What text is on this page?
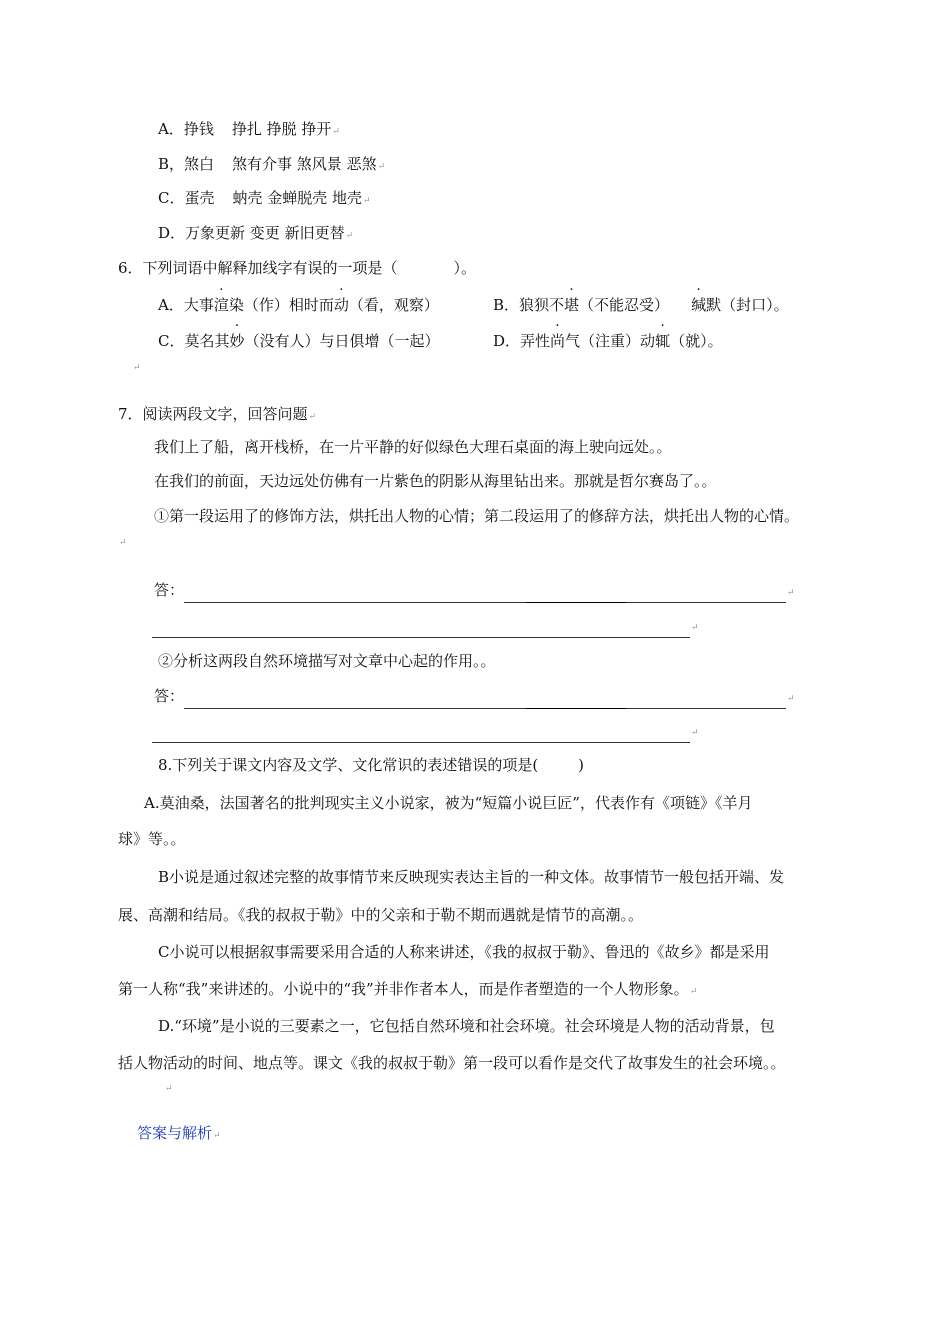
A．挣钱 挣扎 挣脱 挣开↵
B，煞白 煞有介事 煞风景 恶煞↵
C．蛋壳 蚋壳 金蝉脱壳 地壳↵
D．万象更新 变更 新旧更替↵
6．下列词语中解释加线字有误的一项是（	）。
A．大事渲染（作）相时而动（看，观察）	B．狼狈不堪（不能忍受） 缄默（封口）。
C．莫名其妙（没有人）与日俱增（一起）	D．弄性尚气（注重）动辄（就）。
↵
7．阅读两段文字，回答问题↵
我们上了船，离开栈桥，在一片平静的好似绿色大理石桌面的海上驶向远处。。
在我们的前面，天边远处仿佛有一片紫色的阴影从海里钻出来。那就是哲尔赛岛了。。
①第一段运用了的修饰方法，烘托出人物的心情；第二段运用了的修辞方法，烘托出人物的心情。
↵
答：	↵
↵
②分析这两段自然环境描写对文章中心起的作用。。
答：	↵
↵
8.下列关于课文内容及文学、文化常识的表述错误的项是(	)
A.莫油桑，法国著名的批判现实主义小说家，被为“短篇小说巨匠”，代表作有《项链》《羊月
球》等。。
B小说是通过叙述完整的故事情节来反映现实表达主旨的一种文体。故事情节一般包括开端、发
展、高潮和结局。《我的叔叔于勒》中的父亲和于勒不期而遇就是情节的高潮。。
C小说可以根据叙事需要采用合适的人称来讲述，《我的叔叔于勒》、鲁迅的《故乡》都是采用
第一人称“我”来讲述的。小说中的“我”并非作者本人，而是作者塑造的一个人物形象。↵
D.“环境”是小说的三要素之一，它包括自然环境和社会环境。社会环境是人物的活动背景，包
括人物活动的时间、地点等。课文《我的叔叔于勒》第一段可以看作是交代了故事发生的社会环境。。
↵
答案与解析↵
